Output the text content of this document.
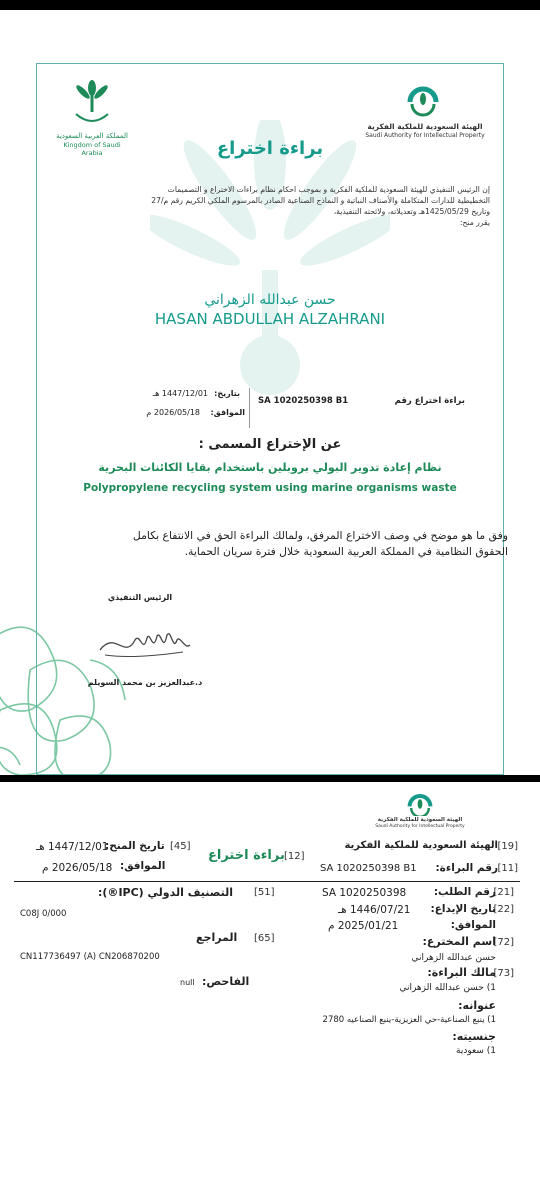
المملكة العربية السعودية
Kingdom of Saudi Arabia
الهيئة السعودية للملكية الفكرية
Saudi Authority for Intellectual Property
براءة اختراع
إن الرئيس التنفيذي للهيئة السعودية للملكية الفكرية و بموجب احكام نظام براءات الاختراع و التصميمات
التخطيطية للدارات المتكاملة والأصناف النباتية و النماذج الصناعية الصادر بالمرسوم الملكي الكريم رقم م/27
وتاريخ 1425/05/29هـ وتعديلاته، ولائحته التنفيذية،
يقرر منح:
حسن عبدالله الزهراني
HASAN ABDULLAH ALZAHRANI
براءة اختراع رقم
SA 1020250398 B1
بتاريخ:
1447/12/01 هـ
الموافق:
2026/05/18 م
عن الإختراع المسمى :
نظام إعادة تدوير البولي بروبلين باستخدام بقايا الكائنات البحرية
Polypropylene recycling system using marine organisms waste
وفق ما هو موضح في وصف الاختراع المرفق، ولمالك البراءة الحق في الانتفاع بكامل
الحقوق النظامية في المملكة العربية السعودية خلال فترة سريان الحماية.
الرئيس التنفيذي
د.عبدالعزيز بن محمد السويلم
الهيئة السعودية للملكية الفكرية
Saudi Authority for Intellectual Property
[19]
الهيئة السعودية للملكية الفكرية
[11]
رقم البراءة:
SA 1020250398 B1
[12]
براءة اختراع
[45]
تاريخ المنح:
1447/12/01 هـ
الموافق:
2026/05/18 م
[21]
رقم الطلب:
SA 1020250398
[22]
تاريخ الإيداع:
1446/07/21 هـ
الموافق:
2025/01/21 م
[72]
اسم المخترع:
حسن عبدالله الزهراني
[73]
مالك البراءة:
1) حسن عبدالله الزهراني
عنوانه:
1) ينبع الصناعية-حي العزيزية-ينبع الصناعيه 2780
جنسيته:
1) سعودية
[51]
التصنيف الدولي (IPC®):
C08J 0/000
[65]
المراجع
CN117736497 (A) CN206870200
الفاحص:
null
